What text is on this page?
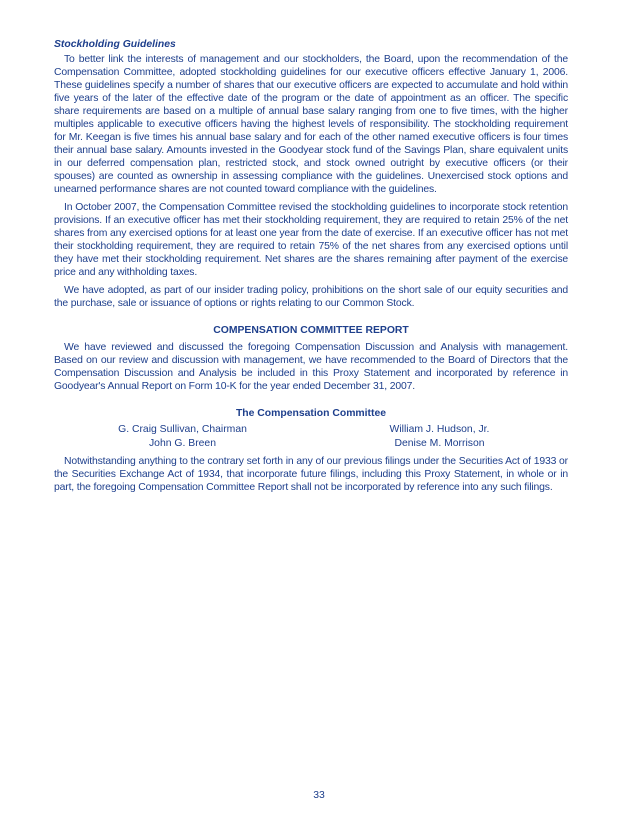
Stockholding Guidelines

To better link the interests of management and our stockholders, the Board, upon the recommendation of the Compensation Committee, adopted stockholding guidelines for our executive officers effective January 1, 2006. These guidelines specify a number of shares that our executive officers are expected to accumulate and hold within five years of the later of the effective date of the program or the date of appointment as an officer. The specific share requirements are based on a multiple of annual base salary ranging from one to five times, with the higher multiples applicable to executive officers having the highest levels of responsibility. The stockholding requirement for Mr. Keegan is five times his annual base salary and for each of the other named executive officers is four times their annual base salary. Amounts invested in the Goodyear stock fund of the Savings Plan, share equivalent units in our deferred compensation plan, restricted stock, and stock owned outright by executive officers (or their spouses) are counted as ownership in assessing compliance with the guidelines. Unexercised stock options and unearned performance shares are not counted toward compliance with the guidelines.

In October 2007, the Compensation Committee revised the stockholding guidelines to incorporate stock retention provisions. If an executive officer has met their stockholding requirement, they are required to retain 25% of the net shares from any exercised options for at least one year from the date of exercise. If an executive officer has not met their stockholding requirement, they are required to retain 75% of the net shares from any exercised options until they have met their stockholding requirement. Net shares are the shares remaining after payment of the exercise price and any withholding taxes.

We have adopted, as part of our insider trading policy, prohibitions on the short sale of our equity securities and the purchase, sale or issuance of options or rights relating to our Common Stock.

COMPENSATION COMMITTEE REPORT

We have reviewed and discussed the foregoing Compensation Discussion and Analysis with management. Based on our review and discussion with management, we have recommended to the Board of Directors that the Compensation Discussion and Analysis be included in this Proxy Statement and incorporated by reference in Goodyear's Annual Report on Form 10-K for the year ended December 31, 2007.

The Compensation Committee
G. Craig Sullivan, Chairman	William J. Hudson, Jr.
John G. Breen	Denise M. Morrison

Notwithstanding anything to the contrary set forth in any of our previous filings under the Securities Act of 1933 or the Securities Exchange Act of 1934, that incorporate future filings, including this Proxy Statement, in whole or in part, the foregoing Compensation Committee Report shall not be incorporated by reference into any such filings.

33
